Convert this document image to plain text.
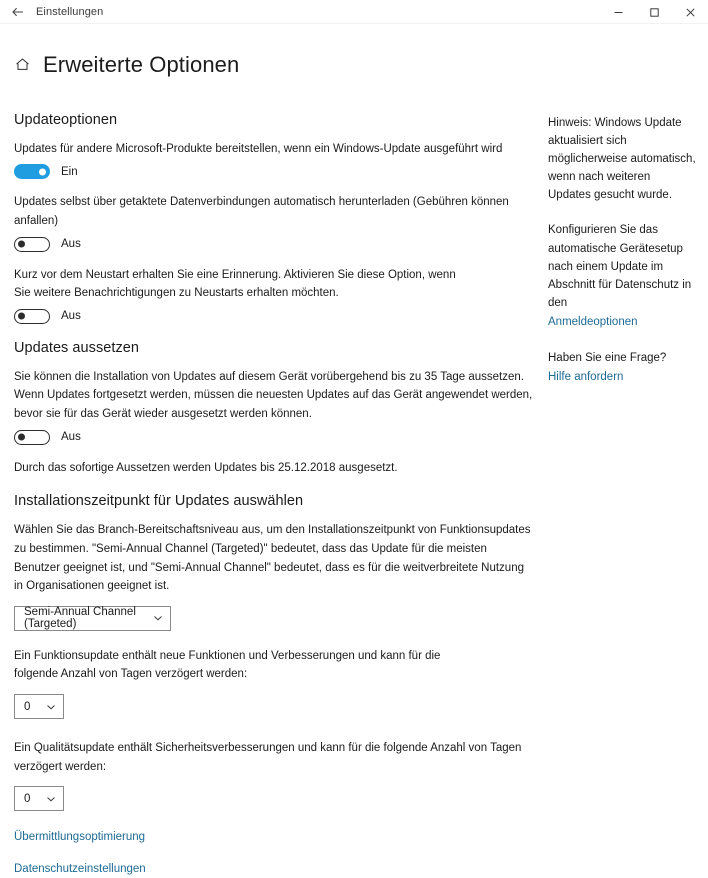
Einstellungen
Erweiterte Optionen
Updateoptionen

Updates für andere Microsoft-Produkte bereitstellen, wenn ein Windows-Update ausgeführt wird

Ein

Updates selbst über getaktete Datenverbindungen automatisch herunterladen (Gebühren können anfallen)

Aus

Kurz vor dem Neustart erhalten Sie eine Erinnerung. Aktivieren Sie diese Option, wenn Sie weitere Benachrichtigungen zu Neustarts erhalten möchten.

Aus
Updates aussetzen

Sie können die Installation von Updates auf diesem Gerät vorübergehend bis zu 35 Tage aussetzen. Wenn Updates fortgesetzt werden, müssen die neuesten Updates auf das Gerät angewendet werden, bevor sie für das Gerät wieder ausgesetzt werden können.

Aus

Durch das sofortige Aussetzen werden Updates bis 25.12.2018 ausgesetzt.

Installationszeitpunkt für Updates auswählen

Wählen Sie das Branch-Bereitschaftsniveau aus, um den Installationszeitpunkt von Funktionsupdates zu bestimmen. "Semi-Annual Channel (Targeted)" bedeutet, dass das Update für die meisten Benutzer geeignet ist, und "Semi-Annual Channel" bedeutet, dass es für die weitverbreitete Nutzung in Organisationen geeignet ist.

Semi-Annual Channel (Targeted)

Ein Funktionsupdate enthält neue Funktionen und Verbesserungen und kann für die folgende Anzahl von Tagen verzögert werden:

0

Ein Qualitätsupdate enthält Sicherheitsverbesserungen und kann für die folgende Anzahl von Tagen verzögert werden:

0
Übermittlungsoptimierung
Datenschutzeinstellungen

Hinweis: Windows Update aktualisiert sich möglicherweise automatisch, wenn nach weiteren Updates gesucht wurde.

Konfigurieren Sie das automatische Gerätesetup nach einem Update im Abschnitt für Datenschutz in den

Anmeldeoptionen

Haben Sie eine Frage?

Hilfe anfordern
